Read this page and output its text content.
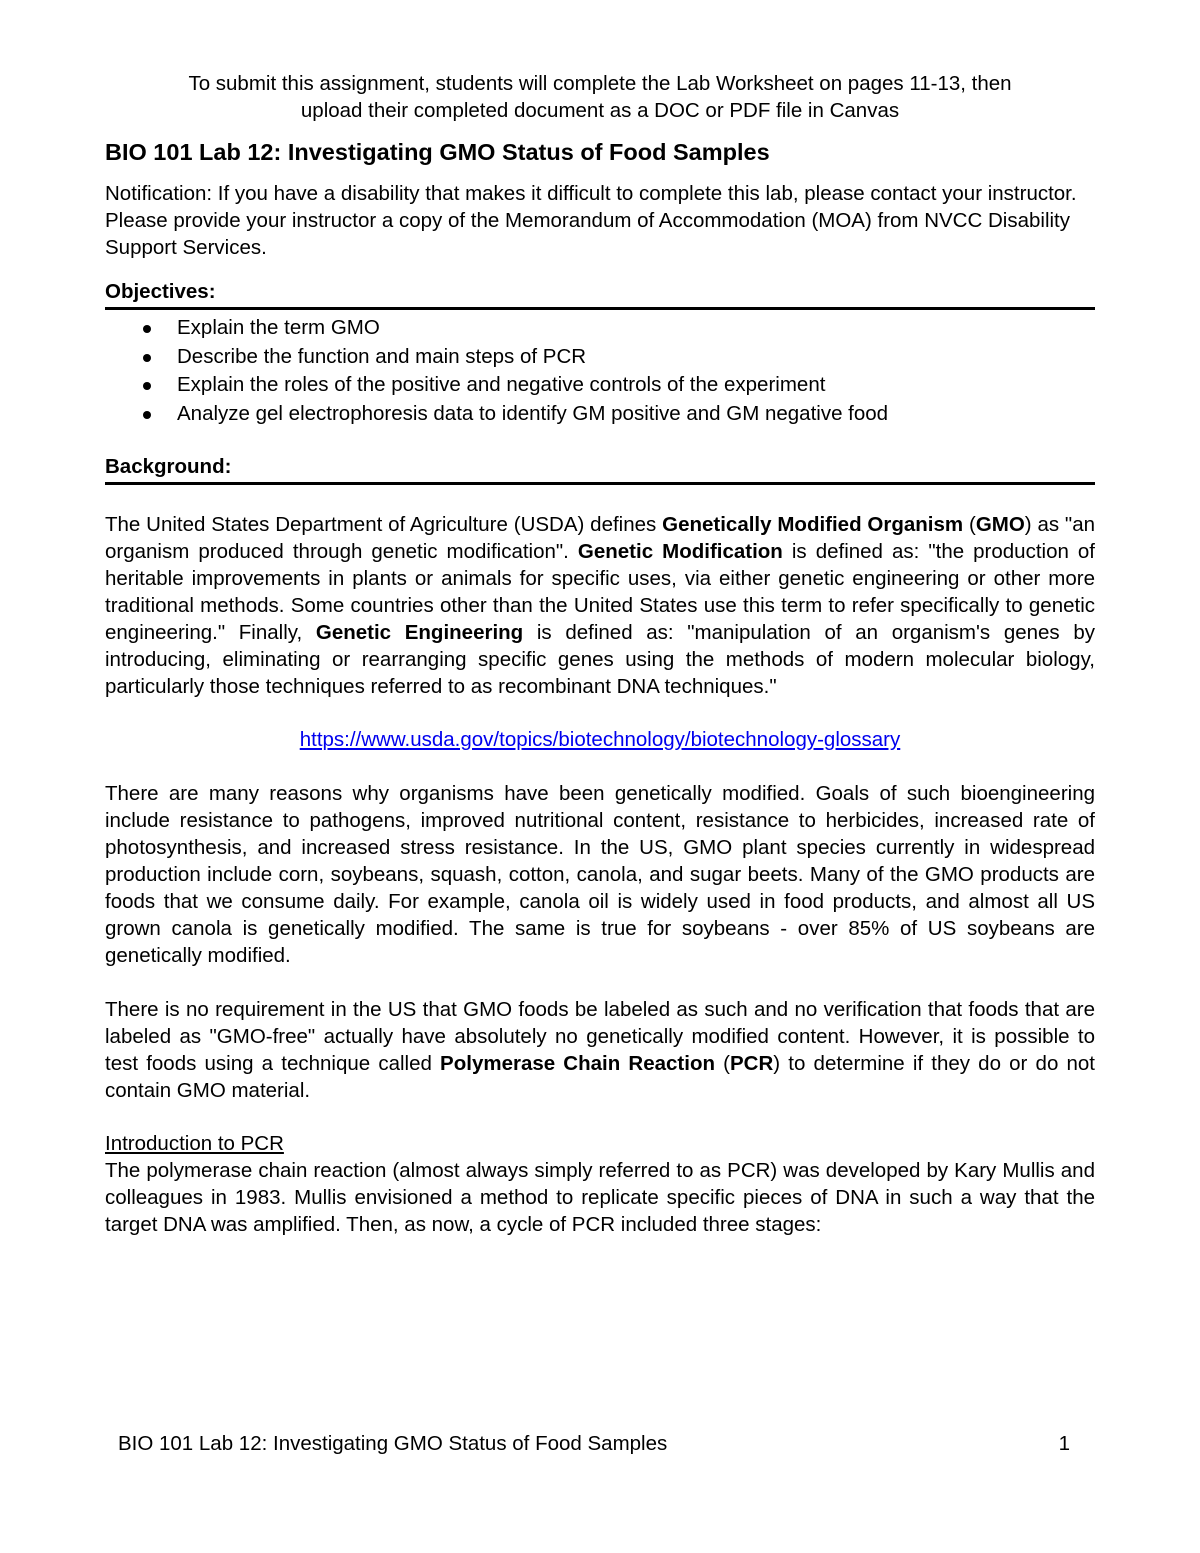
To submit this assignment, students will complete the Lab Worksheet on pages 11-13, then
upload their completed document as a DOC or PDF file in Canvas

BIO 101 Lab 12: Investigating GMO Status of Food Samples

Notification: If you have a disability that makes it difficult to complete this lab, please contact your instructor. Please provide your instructor a copy of the Memorandum of Accommodation (MOA) from NVCC Disability Support Services.

Objectives:
Explain the term GMO
Describe the function and main steps of PCR
Explain the roles of the positive and negative controls of the experiment
Analyze gel electrophoresis data to identify GM positive and GM negative food
Background:

The United States Department of Agriculture (USDA) defines Genetically Modified Organism (GMO) as "an organism produced through genetic modification". Genetic Modification is defined as: "the production of heritable improvements in plants or animals for specific uses, via either genetic engineering or other more traditional methods. Some countries other than the United States use this term to refer specifically to genetic engineering." Finally, Genetic Engineering is defined as: "manipulation of an organism's genes by introducing, eliminating or rearranging specific genes using the methods of modern molecular biology, particularly those techniques referred to as recombinant DNA techniques."

https://www.usda.gov/topics/biotechnology/biotechnology-glossary

There are many reasons why organisms have been genetically modified. Goals of such bioengineering include resistance to pathogens, improved nutritional content, resistance to herbicides, increased rate of photosynthesis, and increased stress resistance. In the US, GMO plant species currently in widespread production include corn, soybeans, squash, cotton, canola, and sugar beets. Many of the GMO products are foods that we consume daily. For example, canola oil is widely used in food products, and almost all US grown canola is genetically modified. The same is true for soybeans - over 85% of US soybeans are genetically modified.

There is no requirement in the US that GMO foods be labeled as such and no verification that foods that are labeled as "GMO-free" actually have absolutely no genetically modified content. However, it is possible to test foods using a technique called Polymerase Chain Reaction (PCR) to determine if they do or do not contain GMO material.

Introduction to PCR

The polymerase chain reaction (almost always simply referred to as PCR) was developed by Kary Mullis and colleagues in 1983. Mullis envisioned a method to replicate specific pieces of DNA in such a way that the target DNA was amplified. Then, as now, a cycle of PCR included three stages:

BIO 101 Lab 12: Investigating GMO Status of Food Samples	1
